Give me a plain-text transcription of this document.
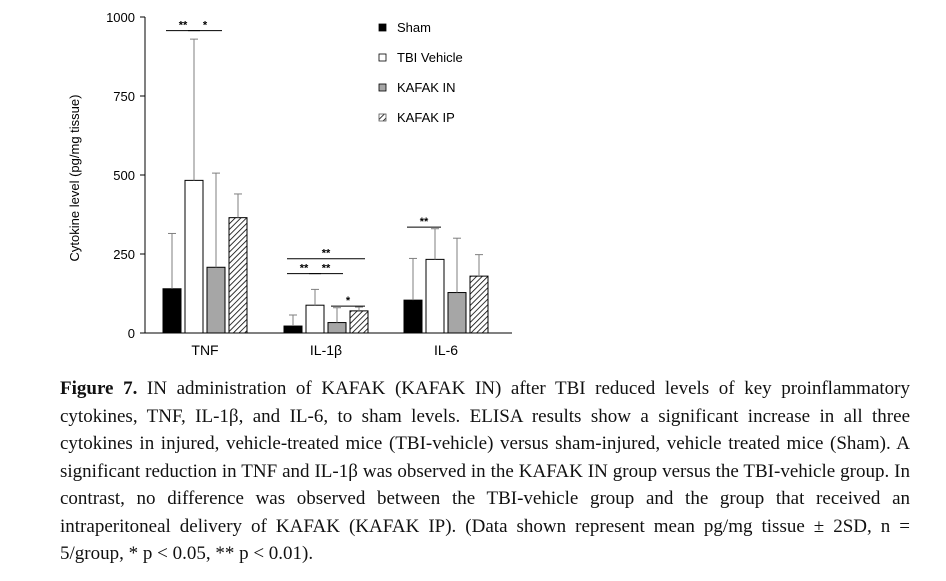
0
250
500
750
1000
TNF	IL-1β	IL-6
** *
**
** **
*
**
Sham
TBI Vehicle
KAFAK IN
KAFAK IP
Cytokine level (pg/mg tissue)
Figure 7. IN administration of KAFAK (KAFAK IN) after TBI reduced levels of key proinflammatory cytokines, TNF, IL-1β, and IL-6, to sham levels. ELISA results show a significant increase in all three cytokines in injured, vehicle-treated mice (TBI-vehicle) versus sham-injured, vehicle treated mice (Sham). A significant reduction in TNF and IL-1β was observed in the KAFAK IN group versus the TBI-vehicle group. In contrast, no difference was observed between the TBI-vehicle group and the group that received an intraperitoneal delivery of KAFAK (KAFAK IP). (Data shown represent mean pg/mg tissue ± 2SD, n = 5/group, * p < 0.05, ** p < 0.01).
